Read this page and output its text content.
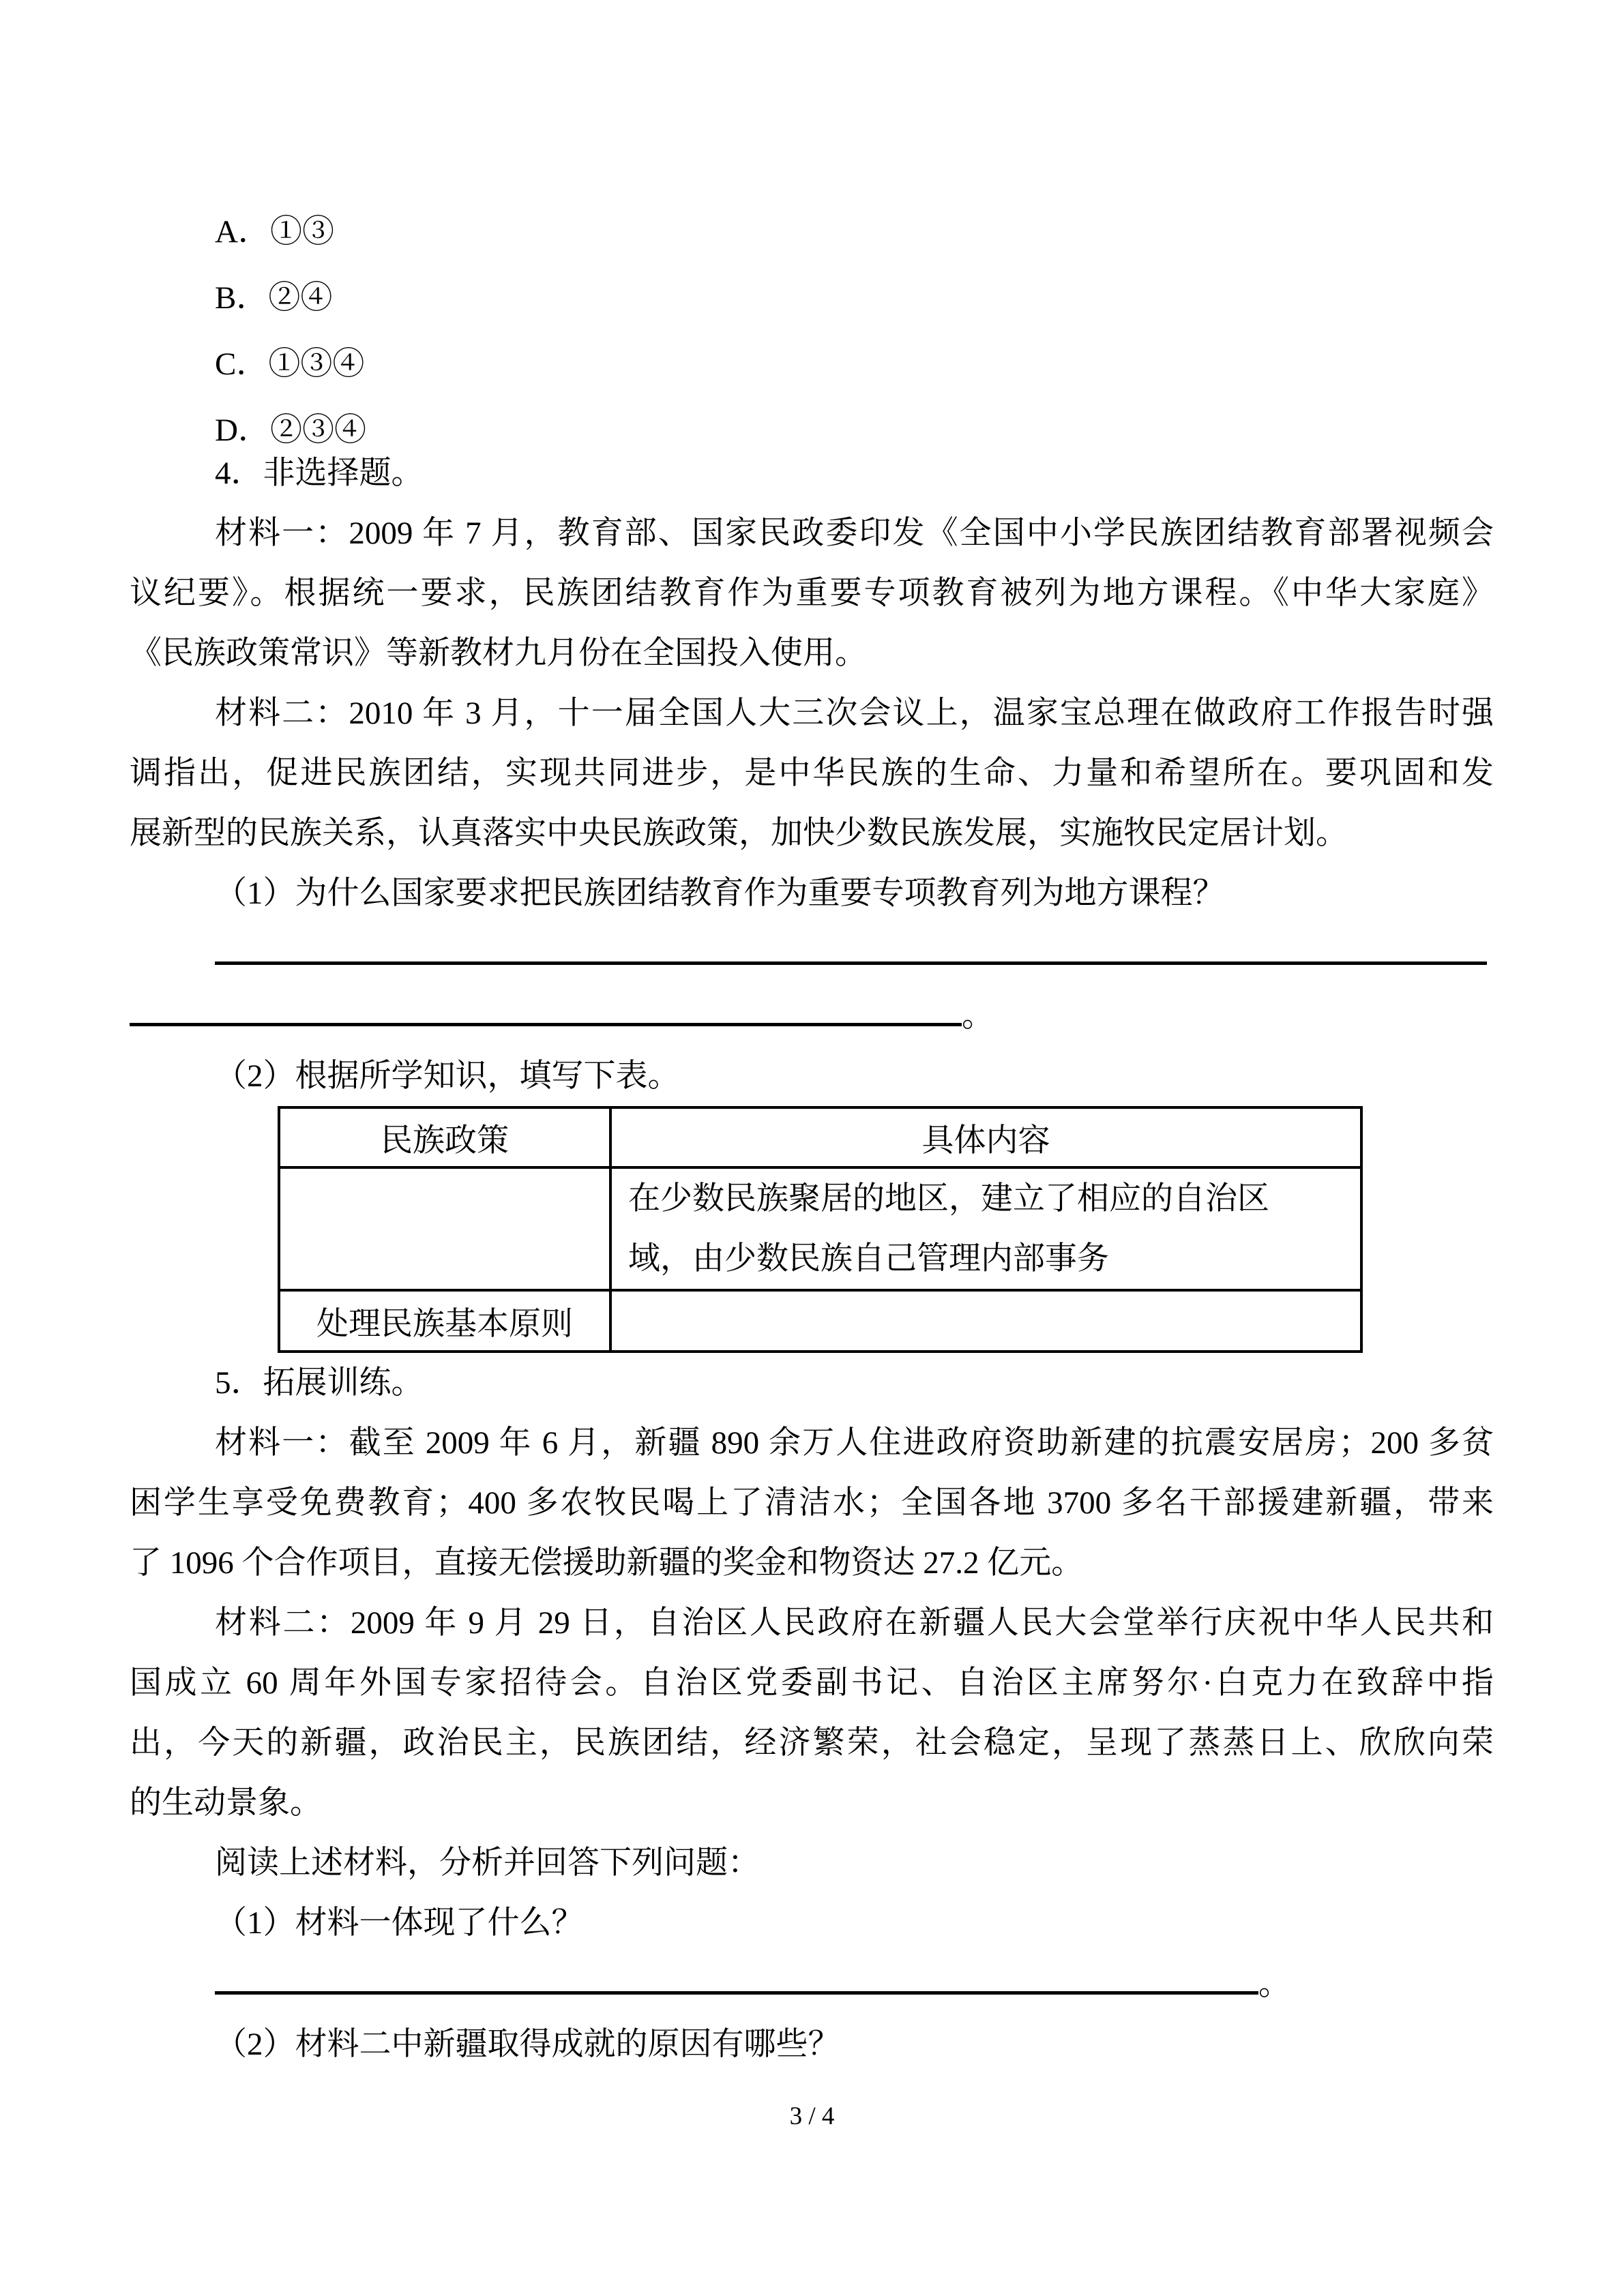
A．①③
B．②④
C．①③④
D．②③④
4．非选择题。
材料一：2009 年 7 月，教育部、国家民政委印发《全国中小学民族团结教育部署视频会
议纪要》。根据统一要求，民族团结教育作为重要专项教育被列为地方课程。《中华大家庭》
《民族政策常识》等新教材九月份在全国投入使用。
材料二：2010 年 3 月，十一届全国人大三次会议上，温家宝总理在做政府工作报告时强
调指出，促进民族团结，实现共同进步，是中华民族的生命、力量和希望所在。要巩固和发
展新型的民族关系，认真落实中央民族政策，加快少数民族发展，实施牧民定居计划。
（1）为什么国家要求把民族团结教育作为重要专项教育列为地方课程？
。
（2）根据所学知识，填写下表。
民族政策	具体内容

	在少数民族聚居的地区，建立了相应的自治区
域，由少数民族自己管理内部事务

处理民族基本原则	
5．拓展训练。
材料一：截至 2009 年 6 月，新疆 890 余万人住进政府资助新建的抗震安居房；200 多贫
困学生享受免费教育；400 多农牧民喝上了清洁水；全国各地 3700 多名干部援建新疆，带来
了 1096 个合作项目，直接无偿援助新疆的奖金和物资达 27.2 亿元。
材料二：2009 年 9 月 29 日，自治区人民政府在新疆人民大会堂举行庆祝中华人民共和
国成立 60 周年外国专家招待会。自治区党委副书记、自治区主席努尔·白克力在致辞中指
出，今天的新疆，政治民主，民族团结，经济繁荣，社会稳定，呈现了蒸蒸日上、欣欣向荣
的生动景象。
阅读上述材料，分析并回答下列问题：
（1）材料一体现了什么？
。
（2）材料二中新疆取得成就的原因有哪些？
3 / 4
